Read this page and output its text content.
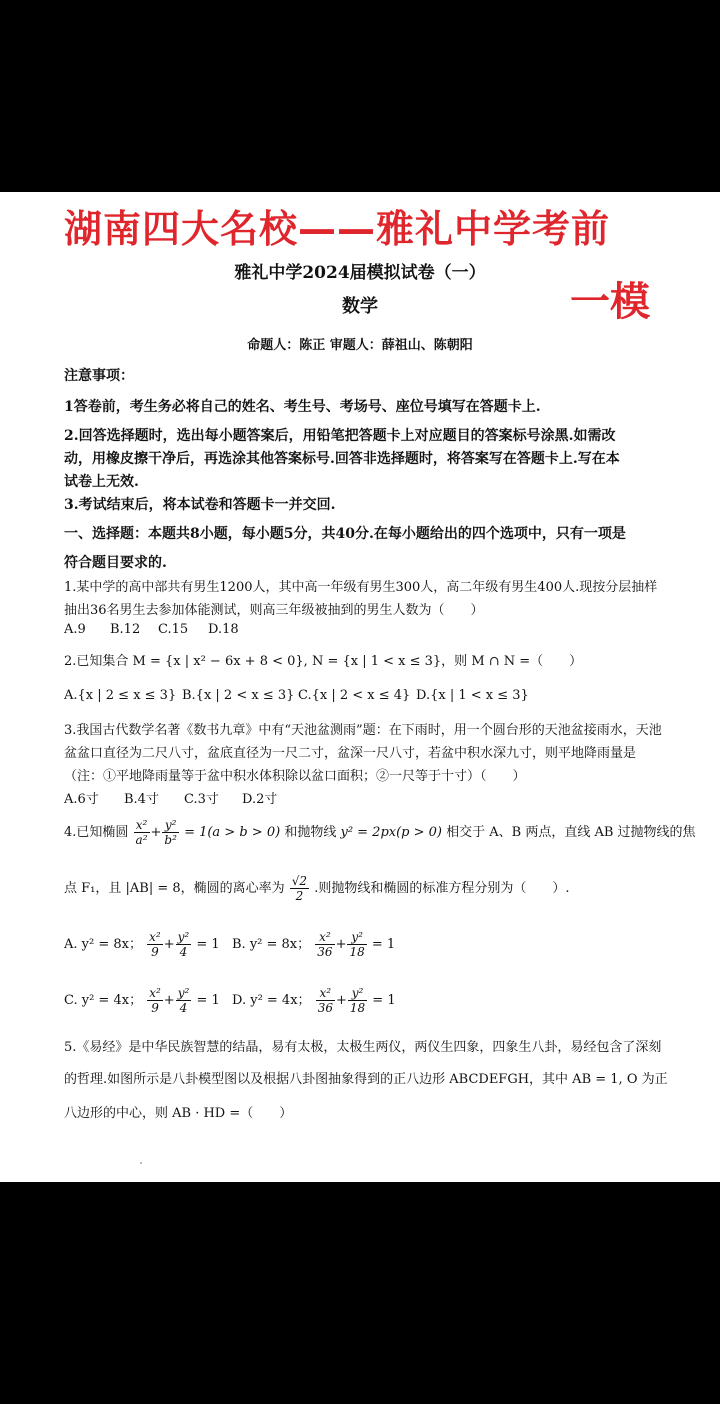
湖南四大名校——雅礼中学考前
一模
雅礼中学2024届模拟试卷（一）
数学
命题人：陈正 审题人：薛祖山、陈朝阳
注意事项：
1答卷前，考生务必将自己的姓名、考生号、考场号、座位号填写在答题卡上.
2.回答选择题时，选出每小题答案后，用铅笔把答题卡上对应题目的答案标号涂黑.如需改
动，用橡皮擦干净后，再选涂其他答案标号.回答非选择题时，将答案写在答题卡上.写在本
试卷上无效.
3.考试结束后，将本试卷和答题卡一并交回.
一、选择题：本题共8小题，每小题5分，共40分.在每小题给出的四个选项中，只有一项是
符合题目要求的.
1.某中学的高中部共有男生1200人，其中高一年级有男生300人，高二年级有男生400人.现按分层抽样
抽出36名男生去参加体能测试，则高三年级被抽到的男生人数为（　　）
A.9 B.12 C.15 D.18
2.已知集合 M = {x | x² − 6x + 8 < 0}, N = {x | 1 < x ≤ 3}，则 M ∩ N =（　　）
A.{x | 2 ≤ x ≤ 3} B.{x | 2 < x ≤ 3} C.{x | 2 < x ≤ 4} D.{x | 1 < x ≤ 3}
3.我国古代数学名著《数书九章》中有“天池盆测雨”题：在下雨时，用一个圆台形的天池盆接雨水，天池
盆盆口直径为二尺八寸，盆底直径为一尺二寸，盆深一尺八寸，若盆中积水深九寸，则平地降雨量是
（注：①平地降雨量等于盆中积水体积除以盆口面积；②一尺等于十寸）（　　）
A.6寸 B.4寸 C.3寸 D.2寸
4.已知椭圆 $\frac{\text{x²}}{\text{a²}} + \frac{\text{y²}}{\text{b²}} = 1(a > b > 0)$ 和抛物线 y² = 2px(p > 0) 相交于 A、B 两点，直线 AB 过抛物线的焦
点 F₁，且 |AB| = 8，椭圆的离心率为 $\frac{√2}{2}$ .则抛物线和椭圆的标准方程分别为（　　）.
A. y² = 8x； $\frac{\text{x²}}{9} + \frac{\text{y²}}{4} = 1$ B. y² = 8x； $\frac{\text{x²}}{36} + \frac{\text{y²}}{18} = 1$
C. y² = 4x； $\frac{\text{x²}}{9} + \frac{\text{y²}}{4} = 1$ D. y² = 4x； $\frac{\text{x²}}{36} + \frac{\text{y²}}{18} = 1$
5.《易经》是中华民族智慧的结晶，易有太极，太极生两仪，两仪生四象，四象生八卦，易经包含了深刻
的哲理.如图所示是八卦模型图以及根据八卦图抽象得到的正八边形 ABCDEFGH，其中 AB = 1, O 为正
八边形的中心，则 AB · HD =（　　）
